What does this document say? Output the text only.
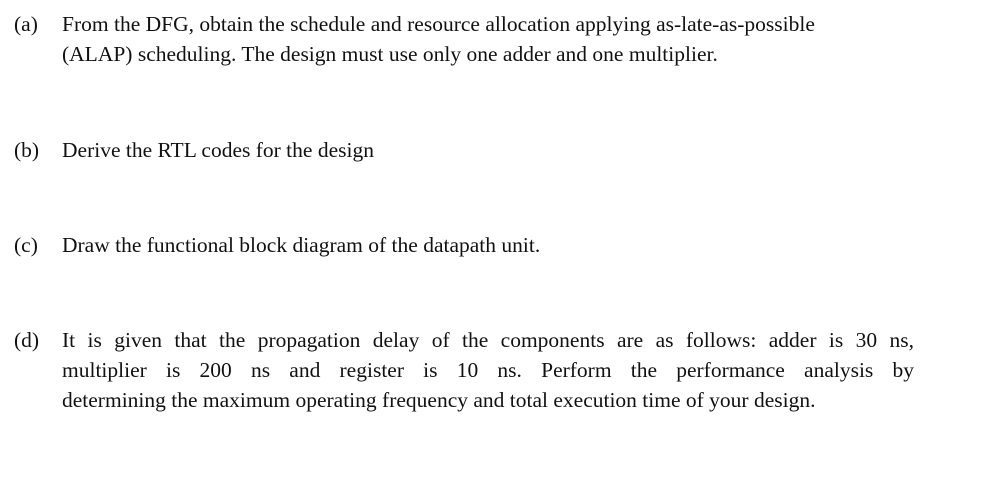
(a)	From the DFG, obtain the schedule and resource allocation applying as-late-as-possible
(ALAP) scheduling. The design must use only one adder and one multiplier.

(b)	Derive the RTL codes for the design

(c)	Draw the functional block diagram of the datapath unit.

(d)	It is given that the propagation delay of the components are as follows: adder is 30 ns,
multiplier is 200 ns and register is 10 ns. Perform the performance analysis by
determining the maximum operating frequency and total execution time of your design.
